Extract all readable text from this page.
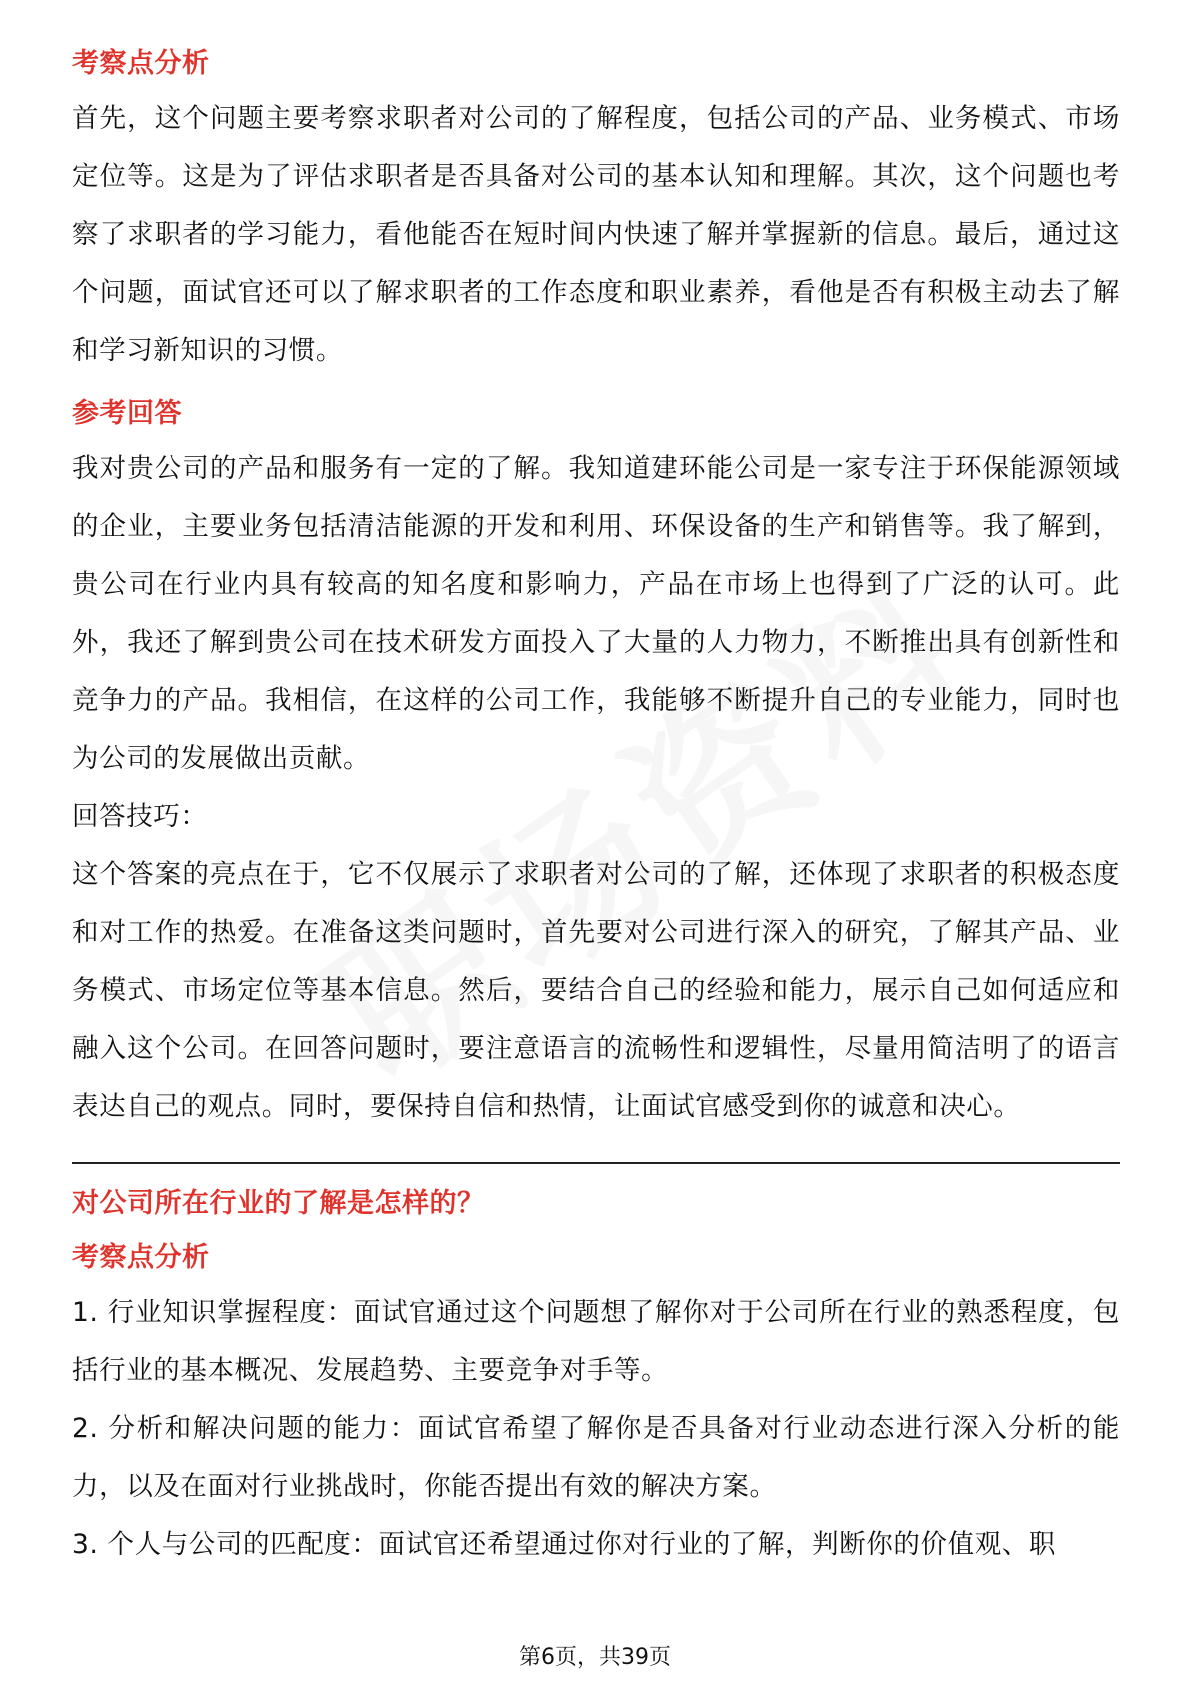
考察点分析

首先，这个问题主要考察求职者对公司的了解程度，包括公司的产品、业务模式、市场定位等。这是为了评估求职者是否具备对公司的基本认知和理解。其次，这个问题也考察了求职者的学习能力，看他能否在短时间内快速了解并掌握新的信息。最后，通过这个问题，面试官还可以了解求职者的工作态度和职业素养，看他是否有积极主动去了解和学习新知识的习惯。

参考回答

我对贵公司的产品和服务有一定的了解。我知道建环能公司是一家专注于环保能源领域的企业，主要业务包括清洁能源的开发和利用、环保设备的生产和销售等。我了解到，贵公司在行业内具有较高的知名度和影响力，产品在市场上也得到了广泛的认可。此外，我还了解到贵公司在技术研发方面投入了大量的人力物力，不断推出具有创新性和竞争力的产品。我相信，在这样的公司工作，我能够不断提升自己的专业能力，同时也为公司的发展做出贡献。

回答技巧：

这个答案的亮点在于，它不仅展示了求职者对公司的了解，还体现了求职者的积极态度和对工作的热爱。在准备这类问题时，首先要对公司进行深入的研究，了解其产品、业务模式、市场定位等基本信息。然后，要结合自己的经验和能力，展示自己如何适应和融入这个公司。在回答问题时，要注意语言的流畅性和逻辑性，尽量用简洁明了的语言表达自己的观点。同时，要保持自信和热情，让面试官感受到你的诚意和决心。

对公司所在行业的了解是怎样的？
考察点分析

1. 行业知识掌握程度：面试官通过这个问题想了解你对于公司所在行业的熟悉程度，包括行业的基本概况、发展趋势、主要竞争对手等。

2. 分析和解决问题的能力：面试官希望了解你是否具备对行业动态进行深入分析的能力，以及在面对行业挑战时，你能否提出有效的解决方案。

3. 个人与公司的匹配度：面试官还希望通过你对行业的了解，判断你的价值观、职

第6页，共39页
